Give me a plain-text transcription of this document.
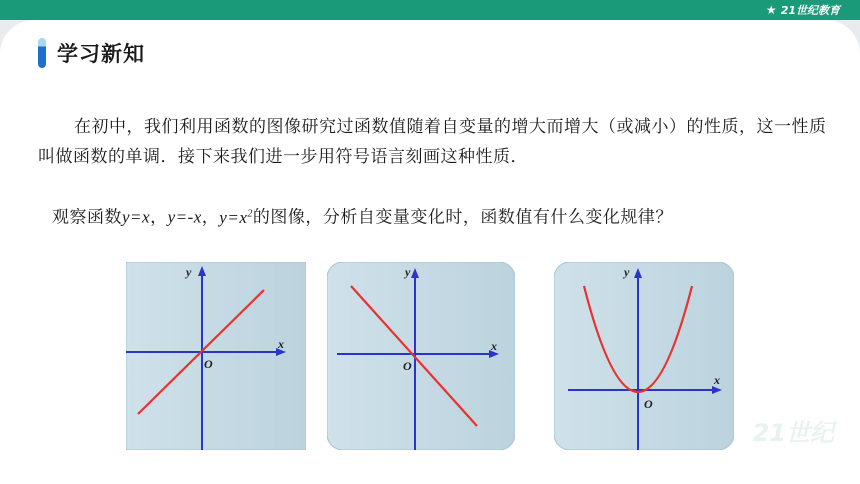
★ 21世纪教育
学习新知
在初中，我们利用函数的图像研究过函数值随着自变量的增大而增大（或减小）的性质，这一性质叫做函数的单调．接下来我们进一步用符号语言刻画这种性质．
观察函数y=x，y=-x，$y=x^2$的图像，分析自变量变化时，函数值有什么变化规律？
x
y
O
x
y
O
x
y
O
21世纪
